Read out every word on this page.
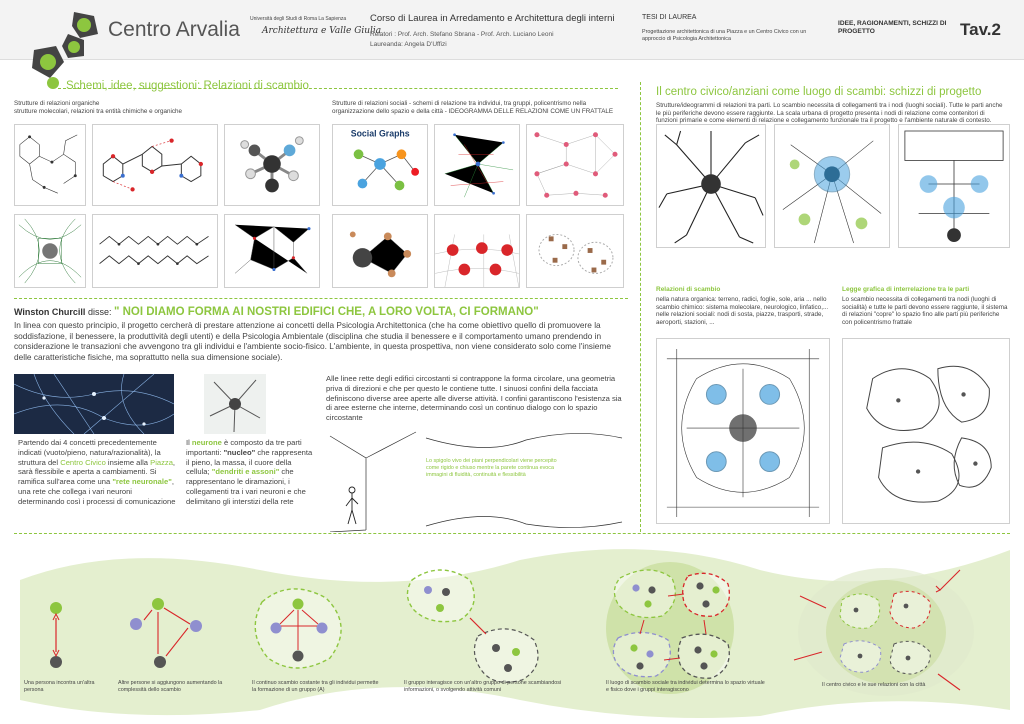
Centro Arvalia Università degli Studi di Roma La Sapienza
Architettura e Valle Giulia
Corso di Laurea in Arredamento e Architettura degli interni
Relatori : Prof. Arch. Stefano Sbrana - Prof. Arch. Luciano Leoni
Laureanda: Angela D'Uffizi
TESI DI LAUREA
Progettazione architettonica di una Piazza e un Centro Civico con un approccio di Psicologia Architettonica
IDEE, RAGIONAMENTI, SCHIZZI DI PROGETTO	Tav.2
Schemi, idee, suggestioni: Relazioni di scambio
Strutture di relazioni organiche
strutture molecolari, relazioni tra entità chimiche e organiche
Strutture di relazioni sociali - schemi di relazione tra individui, tra gruppi, policentrismo nella organizzazione dello spazio e della città - IDEOGRAMMA DELLE RELAZIONI COME UN FRATTALE
Social Graphs
Il centro civico/anziani come luogo di scambi: schizzi di progetto
Strutture/ideogrammi di relazioni tra parti. Lo scambio necessita di collegamenti tra i nodi (luoghi sociali). Tutte le parti anche le più periferiche devono essere raggiunte. La scala urbana di progetto presenta i nodi di relazione come contenitori di funzioni primarie e come elementi di relazione e collegamento funzionale tra il progetto e l'ambiente naturale di contesto.
Relazioni di scambio
nella natura organica: terreno, radici, foglie, sole, aria ... nello scambio chimico: sistema molecolare, neurologico, linfatico,... nelle relazioni sociali: nodi di sosta, piazze, trasporti, strade, aeroporti, stazioni, ...
Legge grafica di interrelazione tra le parti
Lo scambio necessita di collegamenti tra nodi (luoghi di socialità) e tutte le parti devono essere raggiunte, il sistema di relazioni "copre" lo spazio fino alle parti più periferiche con policentrismo frattale
Winston Churcill disse: " NOI DIAMO FORMA AI NOSTRI EDIFICI CHE, A LORO VOLTA, CI FORMANO"
In linea con questo principio, il progetto cercherà di prestare attenzione ai concetti della Psicologia Architettonica (che ha come obiettivo quello di promuovere la soddisfazione, il benessere, la produttività degli utenti) e della Psicologia Ambientale (disciplina che studia il benessere e il comportamento umano prendendo in considerazione le transazioni che avvengono tra gli individui e l'ambiente socio-fisico. L'ambiente, in questa prospettiva, non viene considerato solo come l'insieme delle caratteristiche fisiche, ma soprattutto nella sua dimensione sociale).
Partendo dai 4 concetti precedentemente indicati (vuoto/pieno, natura/razionalità), la struttura del Centro Civico insieme alla Piazza, sarà flessibile e aperta a cambiamenti. Si ramifica sull'area come una "rete neuronale", una rete che collega i vari neuroni determinando così i processi di comunicazione
Il neurone è composto da tre parti importanti: "nucleo" che rappresenta il pieno, la massa, il cuore della cellula; "dendriti e assoni" che rappresentano le diramazioni, i collegamenti tra i vari neuroni e che delimitano gli interstizi della rete
Alle linee rette degli edifici circostanti si contrappone la forma circolare, una geometria priva di direzioni e che per questo le contiene tutte. I sinuosi confini della facciata definiscono diverse aree aperte alle diverse attività. I confini garantiscono l'esistenza sia di aree esterne che interne, determinando così un continuo dialogo con lo spazio circostante
Lo spigolo vivo dei piani perpendicolari viene percepito come rigido e chiuso mentre la parete continua evoca immagini di fluidità, continuità e flessibilità
Una persona incontra un'altra persona
Altre persone si aggiungono aumentando la complessità dello scambio
Il continuo scambio costante tra gli individui permette la formazione di un gruppo (A)
Il gruppo interagisce con un'altro gruppo di persone scambiandosi informazioni, o svolgendo attività comuni
Il luogo di scambio sociale tra individui determina lo spazio virtuale e fisico dove i gruppi interagiscono
Il centro civico e le sue relazioni con la città
